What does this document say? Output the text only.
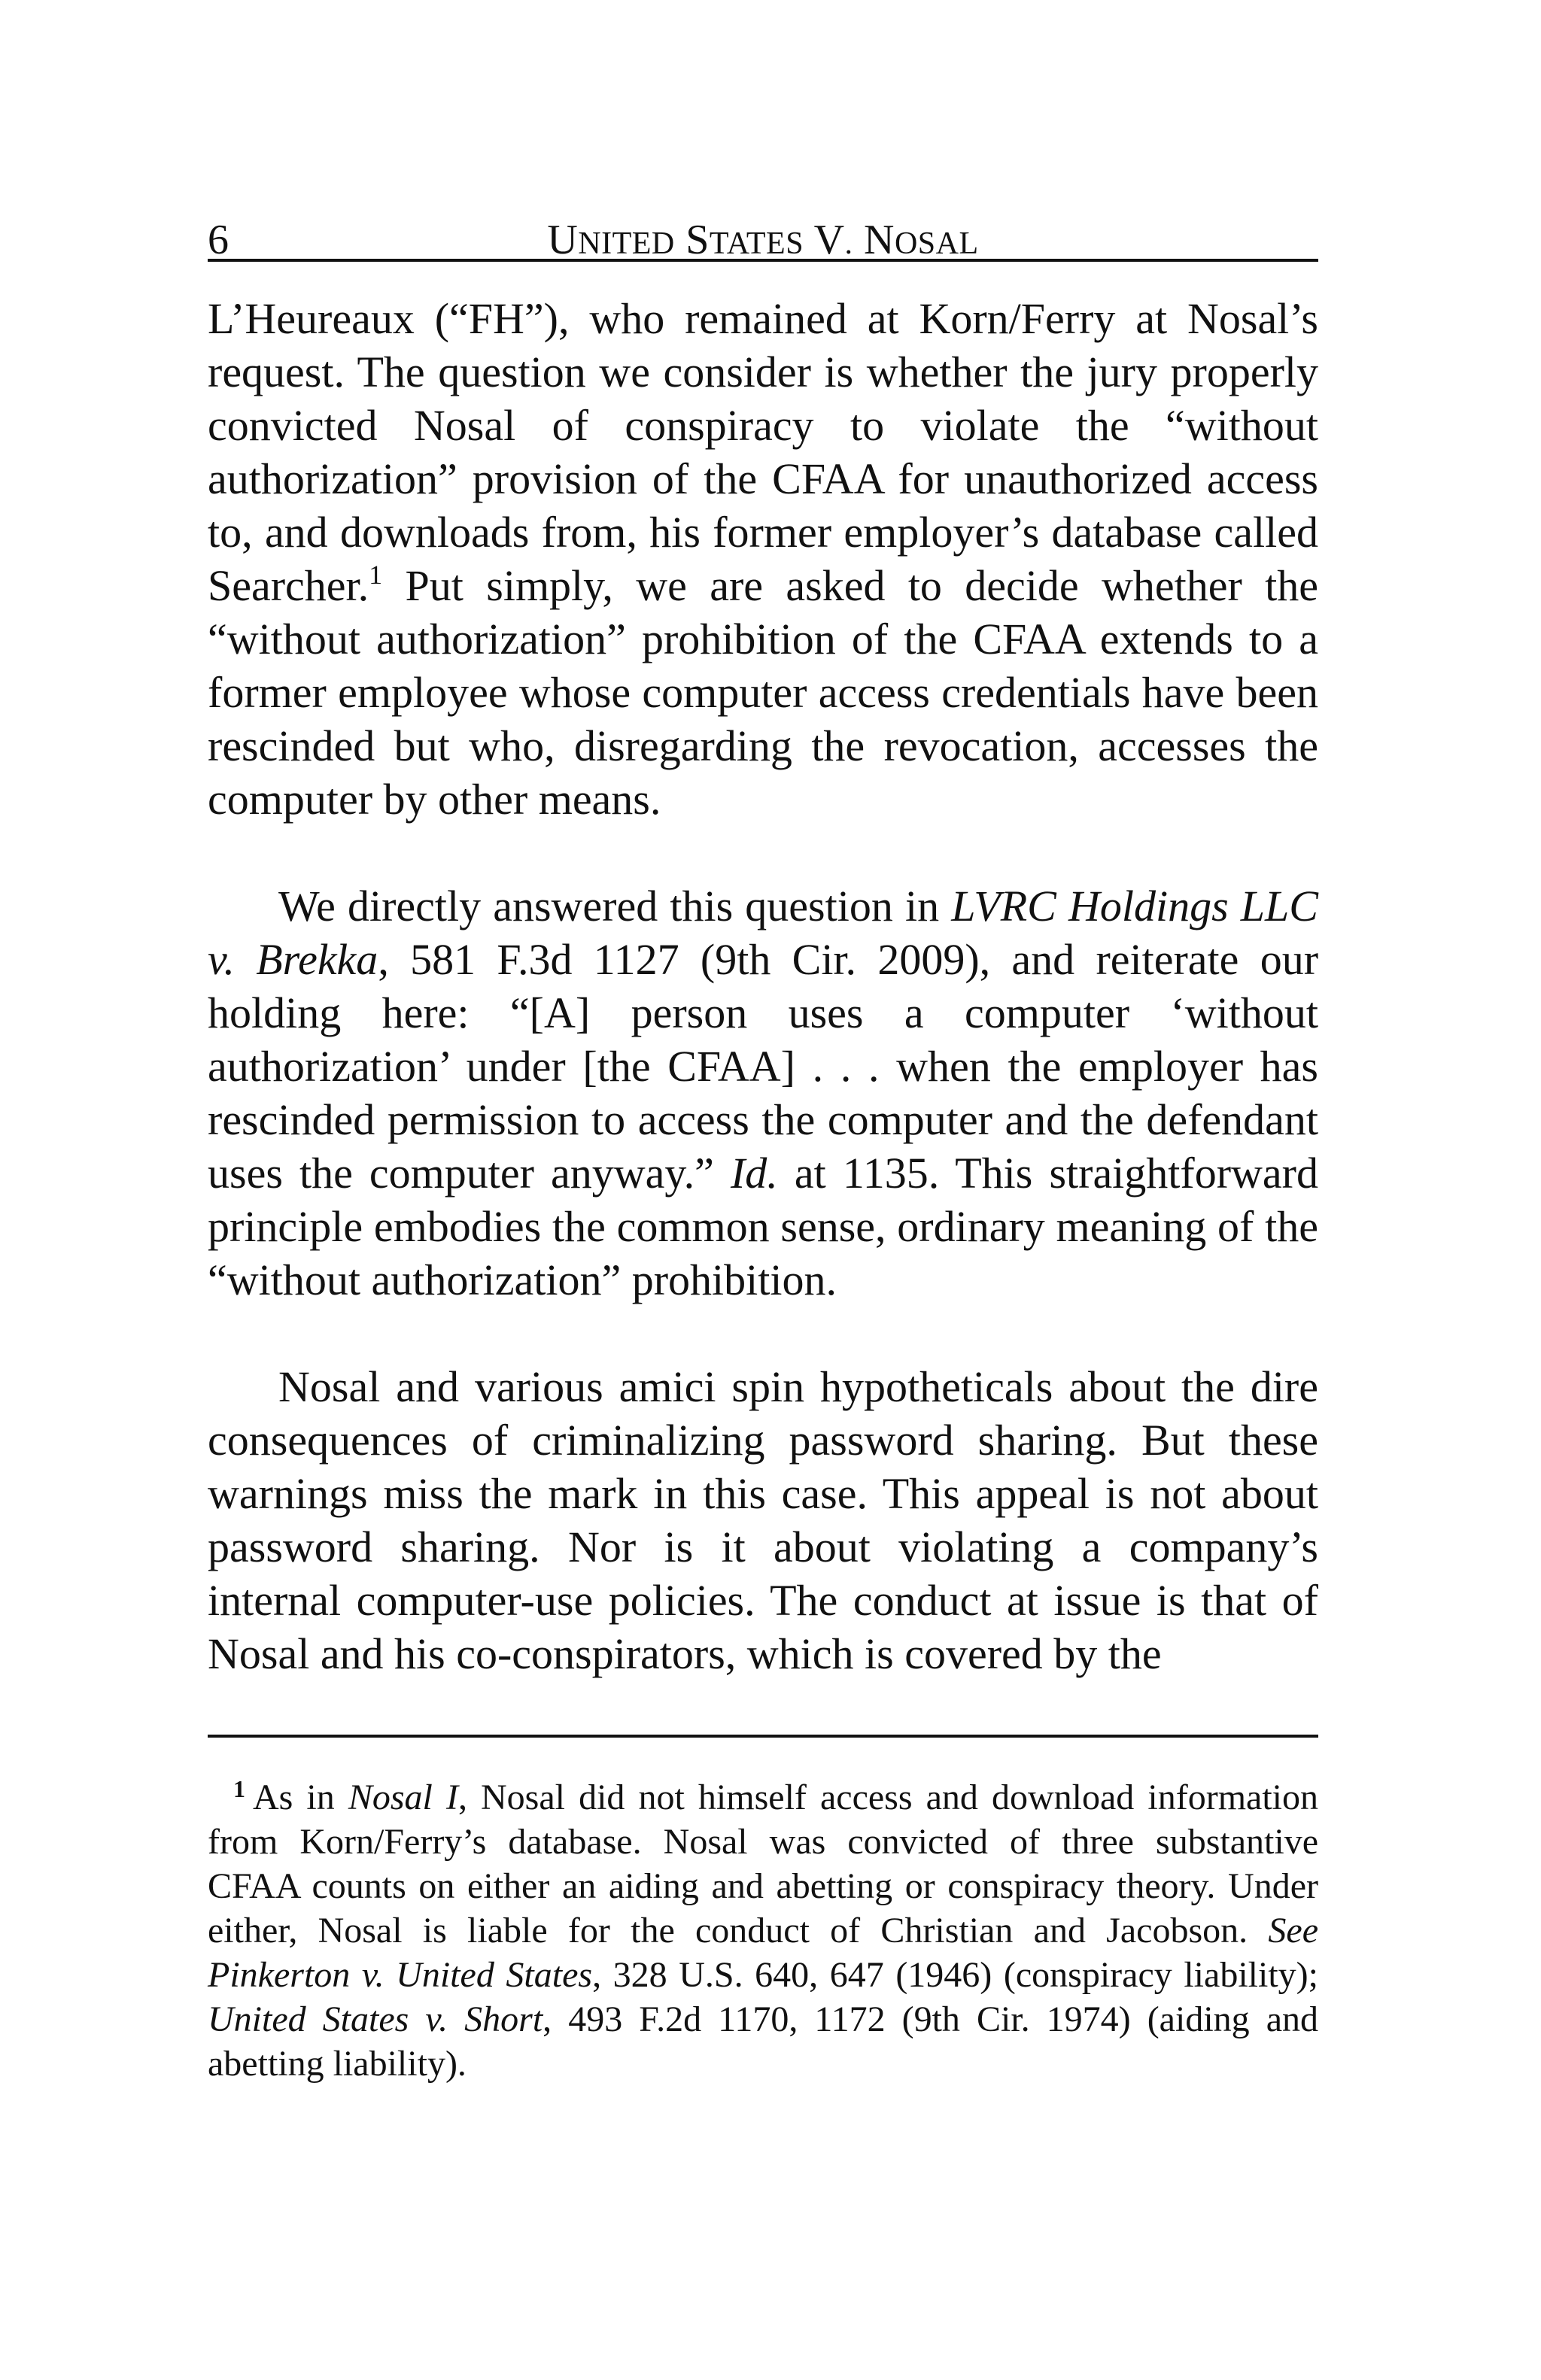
6	UNITED STATES V. NOSAL

L’Heureaux (“FH”), who remained at Korn/Ferry at Nosal’s request. The question we consider is whether the jury properly convicted Nosal of conspiracy to violate the “without authorization” provision of the CFAA for unauthorized access to, and downloads from, his former employer’s database called Searcher.$^1$ Put simply, we are asked to decide whether the “without authorization” prohibition of the CFAA extends to a former employee whose computer access credentials have been rescinded but who, disregarding the revocation, accesses the computer by other means.

We directly answered this question in LVRC Holdings LLC v. Brekka, 581 F.3d 1127 (9th Cir. 2009), and reiterate our holding here: “[A] person uses a computer ‘without authorization’ under [the CFAA] . . . when the employer has rescinded permission to access the computer and the defendant uses the computer anyway.” Id. at 1135. This straightforward principle embodies the common sense, ordinary meaning of the “without authorization” prohibition.

Nosal and various amici spin hypotheticals about the dire consequences of criminalizing password sharing. But these warnings miss the mark in this case. This appeal is not about password sharing. Nor is it about violating a company’s internal computer-use policies. The conduct at issue is that of Nosal and his co-conspirators, which is covered by the

$^1$ As in Nosal I, Nosal did not himself access and download information from Korn/Ferry’s database. Nosal was convicted of three substantive CFAA counts on either an aiding and abetting or conspiracy theory. Under either, Nosal is liable for the conduct of Christian and Jacobson. See Pinkerton v. United States, 328 U.S. 640, 647 (1946) (conspiracy liability); United States v. Short, 493 F.2d 1170, 1172 (9th Cir. 1974) (aiding and abetting liability).
